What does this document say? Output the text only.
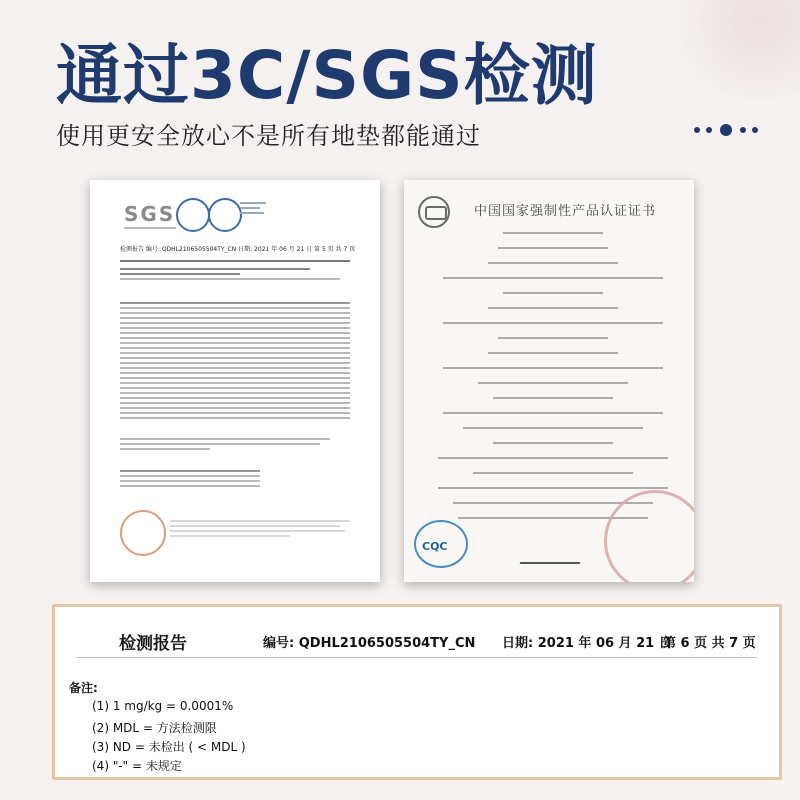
通过3C/SGS检测
使用更安全放心不是所有地垫都能通过
SGS
检测报告 编号: QDHL2106505504TY_CN 日期: 2021 年 06 月 21 日 第 5 页 共 7 页
中国国家强制性产品认证证书
CQC
检测报告	编号: QDHL2106505504TY_CN 日期: 2021 年 06 月 21 日
第 6 页 共 7 页
备注:
(1) 1 mg/kg = 0.0001%
(2) MDL = 方法检测限
(3) ND = 未检出 ( < MDL )
(4) "-" = 未规定
